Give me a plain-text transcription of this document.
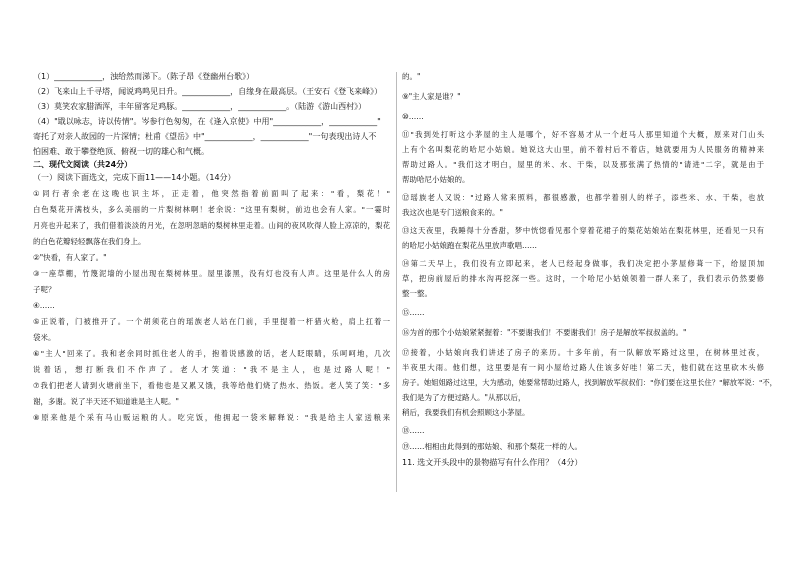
（1）____________，浊给然而涕下。（陈子昂《登幽州台歌》）
（2）飞来山上千寻塔，闻说鸡鸣见日升。____________，自缘身在最高层。（王安石《登飞来峰》）
（3）莫笑农家腊酒浑，丰年留客足鸡豚。____________，____________。（陆游《游山西村》）
（4）"戢以咏志，诗以传情"。岑参行色匆匆，在《逢入京使》中用"____________，____________"
寄托了对亲人故园的一片深情；杜甫《望岳》中"____________，____________"一句表现出诗人不
怕困难、敢于攀登绝顶、俯视一切的雄心和气概。
二、现代文阅读（共24分）
（一）阅读下面选文，完成下面11——14小题。（14分）
①同行者余老在这晚也识主坏，正走着，他突然指着前面叫了起来："看，梨花！"
白色梨花开满枝头，多么美丽的一片梨树林啊！老余说："这里有梨树，前边也会有人家。"一霎时
月亮也升起来了，我们借着淡淡的月光，在忽明忽暗的梨树林里走着。山间的夜风吹得人脸上凉凉的，梨花
的白色花瓣轻轻飘落在我们身上。
②"快看，有人家了。"
③一座草棚，竹篾泥墙的小屋出现在梨树林里。屋里漆黑，没有灯也没有人声。这里是什么人的房
子呢？
④……
⑤正说着，门被推开了。一个胡须花白的瑶族老人站在门前，手里提着一杆猎火枪，肩上扛着一
袋米。
⑥"主人"回来了。我和老余同时抓住老人的手，抱着说感激的话，老人眨眼睛，乐呵呵地，几次
说着话，想打断我们不作声了。老人才笑道："我不是主人，也是过路人呢！"
⑦我们把老人请到火塘前坐下，看他也是又累又饿，我等给他们烧了热水、热饭。老人笑了笑："多
谢，多谢。说了半天还不知道谁是主人呢。"
⑧原来他是个采有马山贩运粮的人。吃完饭，他拥起一袋米解释说："我是给主人家送粮来
的。"
⑨"主人家是谁？"
⑩……
⑪"我到处打听这小茅屋的主人是哪个，好不容易才从一个赶马人那里知道个大概，原来对门山头
上有个名叫梨花的哈尼小姑娘。她说这大山里，前不着村后不着店，她就要用为人民服务的精神来
帮助过路人。"我们这才明白，屋里的米、水、干柴，以及那张满了热情的"请进"二字，就是由于
帮助哈尼小姑娘的。
⑫瑶族老人又说："过路人常来照料，都很感激，也都学着别人的样子，添些米、水、干柴，也放
我这次也是专门送粮食来的。"
⑬这天夜里，我睡得十分香甜，梦中恍惚看见那个穿着花裙子的梨花姑娘站在梨花林里，还看见一只有
的哈尼小姑娘跑在梨花丛里放声歌唱……
⑭第二天早上，我们没有立即起来，老人已经起身做事，我们决定把小茅屋修葺一下，给屋顶加
草，把房前屋后的排水沟再挖深一些。这时，一个哈尼小姑娘领着一群人来了，我们表示仍然要修
整一整。
⑮……
⑯为首的那个小姑娘紧紧握着："不要谢我们！不要谢我们！房子是解放军叔叔盖的。"
⑰接着，小姑娘向我们讲述了房子的来历。十多年前，有一队解放军路过这里，在树林里过夜，
半夜里大雨。他们想，这里要是有一间小屋给过路人住该多好哇！第二天，他们就在这里砍木头修
房子。她姐姐路过这里，大为感动，她要常帮助过路人，找到解放军叔叔们："你们要在这里长住？"解放军说："不，
我们是为了方便过路人。"从那以后，
稍后，我要我们有机会照顾这小茅屋。
⑱……
⑲……相相由此得到的那姑娘、和那个梨花一样的人。
11. 选文开头段中的景物描写有什么作用？（4分）
